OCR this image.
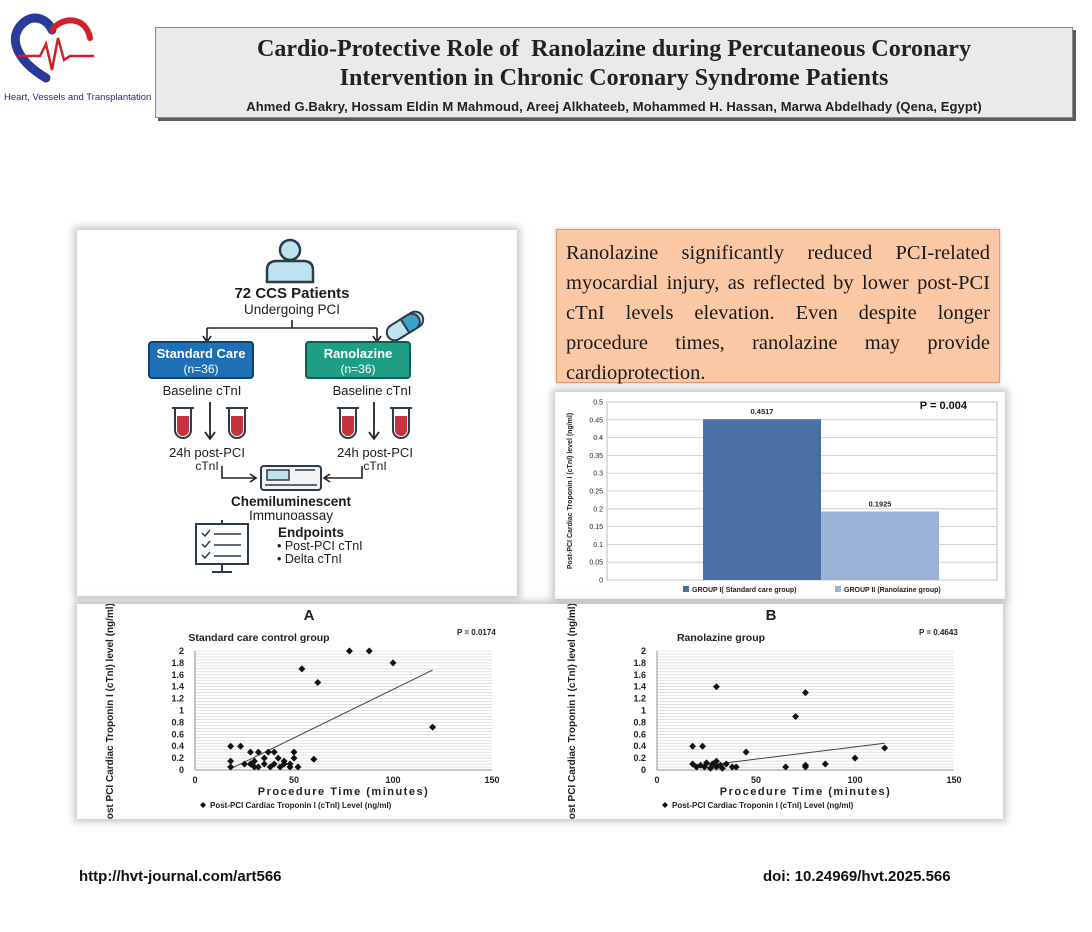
Heart, Vessels and Transplantation
Cardio-Protective Role of  Ranolazine during Percutaneous Coronary
Intervention in Chronic Coronary Syndrome Patients
Ahmed G.Bakry, Hossam Eldin M Mahmoud, Areej Alkhateeb, Mohammed H. Hassan, Marwa Abdelhady (Qena, Egypt)
72 CCS Patients
Undergoing PCI
Standard Care
(n=36)
Ranolazine
(n=36)
Baseline cTnI	Baseline cTnI
24h post-PCI
cTnI
24h post-PCI
cTnI
Chemiluminescent
Immunoassay
Endpoints
• Post-PCI cTnI
• Delta cTnI
Ranolazine significantly reduced PCI-related myocardial injury, as reflected by lower post-PCI cTnI levels elevation. Even despite longer procedure times, ranolazine may provide cardioprotection.
0
0.05
0.1
0.15
0.2
0.25
0.3
0.35
0.4
0.45
0.5
Post-PCI Cardiac Troponin I (cTnI) level (ng/ml)
0.4517
0.1925
P = 0.004
GROUP I( Standard care group)	GROUP II (Ranolazine group)
A
Standard care control group	P = 0.0174
0
0.2
0.4
0.6
0.8
1
1.2
1.4
1.6
1.8
2
0	50	100	150
Procedure Time (minutes)
Post PCI Cardiac Troponin I (cTnI) level (ng/ml)	Post-PCI Cardiac Troponin I (cTnI) Level (ng/ml)
B
Ranolazine group	P = 0.4643
0
0.2
0.4
0.6
0.8
1
1.2
1.4
1.6
1.8
2
0	50	100	150
Procedure Time (minutes)
Post PCI Cardiac Troponin I (cTnI) level (ng/ml)	Post-PCI Cardiac Troponin I (cTnI) Level (ng/ml)
http://hvt-journal.com/art566	doi: 10.24969/hvt.2025.566
